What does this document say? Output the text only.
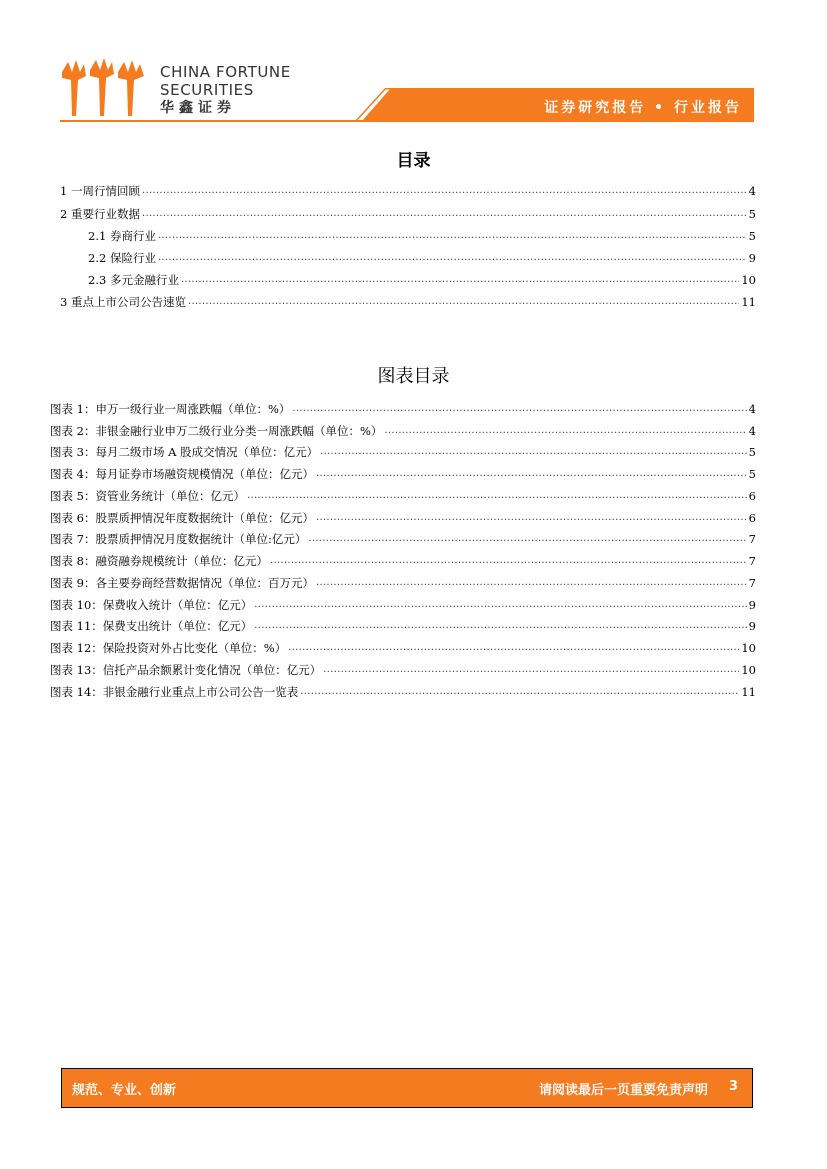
CHINA FORTUNE
SECURITIES
华鑫证券	证券研究报告 • 行业报告
目录
1 一周行情回顾 .....	4
2 重要行业数据 .....	5
2.1 券商行业 .....	5
2.2 保险行业 .....	9
2.3 多元金融行业 .....	10
3 重点上市公司公告速览 .....	11
图表目录
图表 1：申万一级行业一周涨跌幅（单位：%） .....	4
图表 2：非银金融行业申万二级行业分类一周涨跌幅（单位：%） .....	4
图表 3：每月二级市场 A 股成交情况（单位：亿元） .....	5
图表 4：每月证券市场融资规模情况（单位：亿元） .....	5
图表 5：资管业务统计（单位：亿元） .....	6
图表 6：股票质押情况年度数据统计（单位：亿元） .....	6
图表 7：股票质押情况月度数据统计（单位:亿元） .....	7
图表 8：融资融券规模统计（单位：亿元） .....	7
图表 9：各主要券商经营数据情况（单位：百万元） .....	7
图表 10：保费收入统计（单位：亿元） .....	9
图表 11：保费支出统计（单位：亿元） .....	9
图表 12：保险投资对外占比变化（单位：%） .....	10
图表 13：信托产品余额累计变化情况（单位：亿元） .....	10
图表 14：非银金融行业重点上市公司公告一览表 .....	11
规范、专业、创新	请阅读最后一页重要免责声明 3
